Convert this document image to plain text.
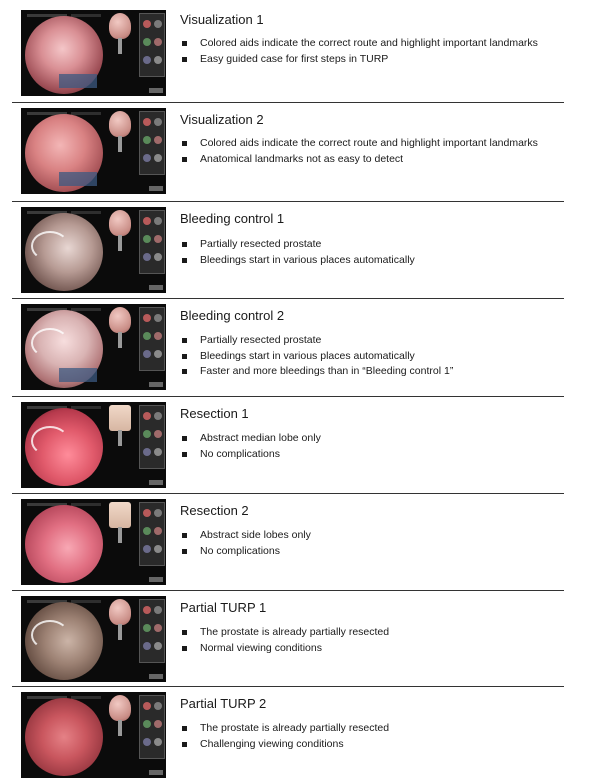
Visualization 1
Colored aids indicate the correct route and highlight important landmarks
Easy guided case for first steps in TURP
Visualization 2
Colored aids indicate the correct route and highlight important landmarks
Anatomical landmarks not as easy to detect
Bleeding control 1
Partially resected prostate
Bleedings start in various places automatically
Bleeding control 2
Partially resected prostate
Bleedings start in various places automatically
Faster and more bleedings than in “Bleeding control 1”
Resection 1
Abstract median lobe only
No complications
Resection 2
Abstract side lobes only
No complications
Partial TURP 1
The prostate is already partially resected
Normal viewing conditions
Partial TURP 2
The prostate is already partially resected
Challenging viewing conditions
